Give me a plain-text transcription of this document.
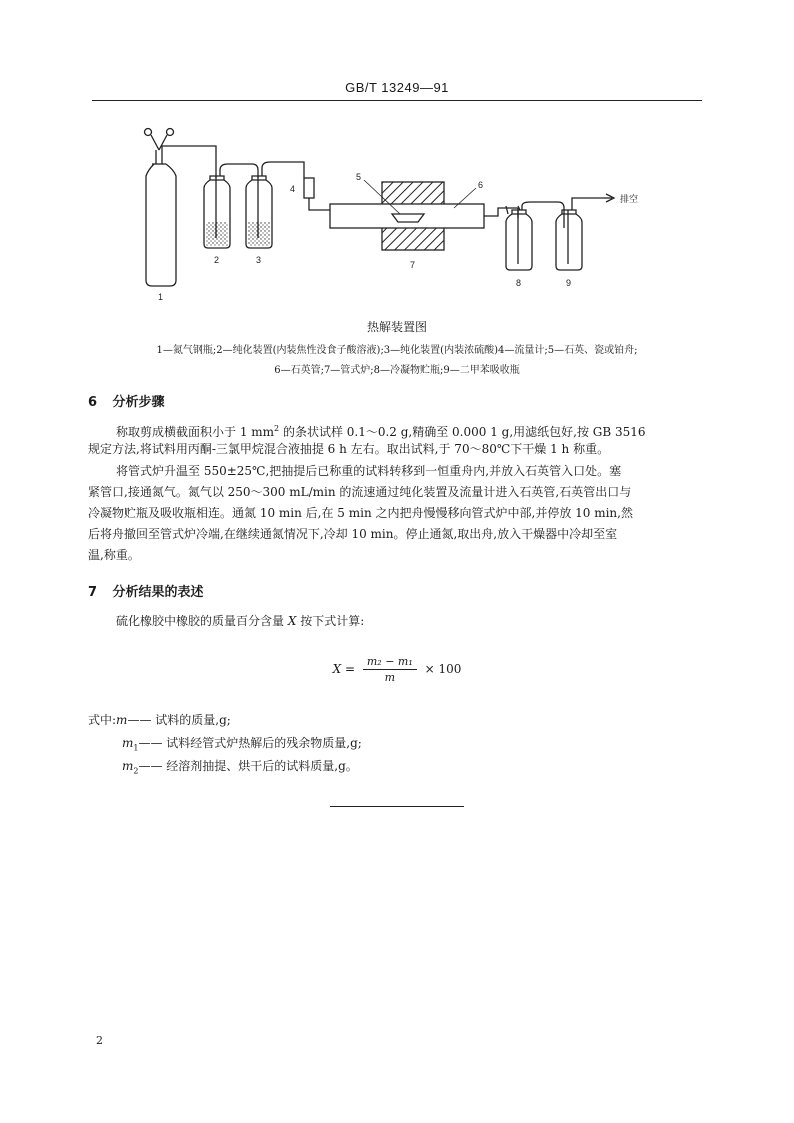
GB/T 13249—91
1
2	3
4
5
6
7
8	9
排空
热解装置图
1—氮气钢瓶;2—纯化装置(内装焦性没食子酸溶液);3—纯化装置(内装浓硫酸)4—流量计;5—石英、瓷或铂舟;
6—石英管;7—管式炉;8—冷凝物贮瓶;9—二甲苯吸收瓶
6 分析步骤
称取剪成横截面积小于 1 $mm^2$ 的条状试样 0.1～0.2 g,精确至 0.000 1 g,用滤纸包好,按 GB 3516
规定方法,将试料用丙酮-三氯甲烷混合液抽提 6 h 左右。取出试料,于 70～80℃下干燥 1 h 称重。
将管式炉升温至 550±25℃,把抽提后已称重的试料转移到一恒重舟内,并放入石英管入口处。塞
紧管口,接通氮气。氮气以 250～300 mL/min 的流速通过纯化装置及流量计进入石英管,石英管出口与
冷凝物贮瓶及吸收瓶相连。通氮 10 min 后,在 5 min 之内把舟慢慢移向管式炉中部,并停放 10 min,然
后将舟撤回至管式炉冷端,在继续通氮情况下,冷却 10 min。停止通氮,取出舟,放入干燥器中冷却至室
温,称重。
7 分析结果的表述
硫化橡胶中橡胶的质量百分含量 X 按下式计算:
$X = \frac{\text{m₂ − m₁}}{m} \times 100$
式中:m—— 试料的质量,g;
$m_1——$ 试料经管式炉热解后的残余物质量,g;
$m_2——$ 经溶剂抽提、烘干后的试料质量,g。
2
